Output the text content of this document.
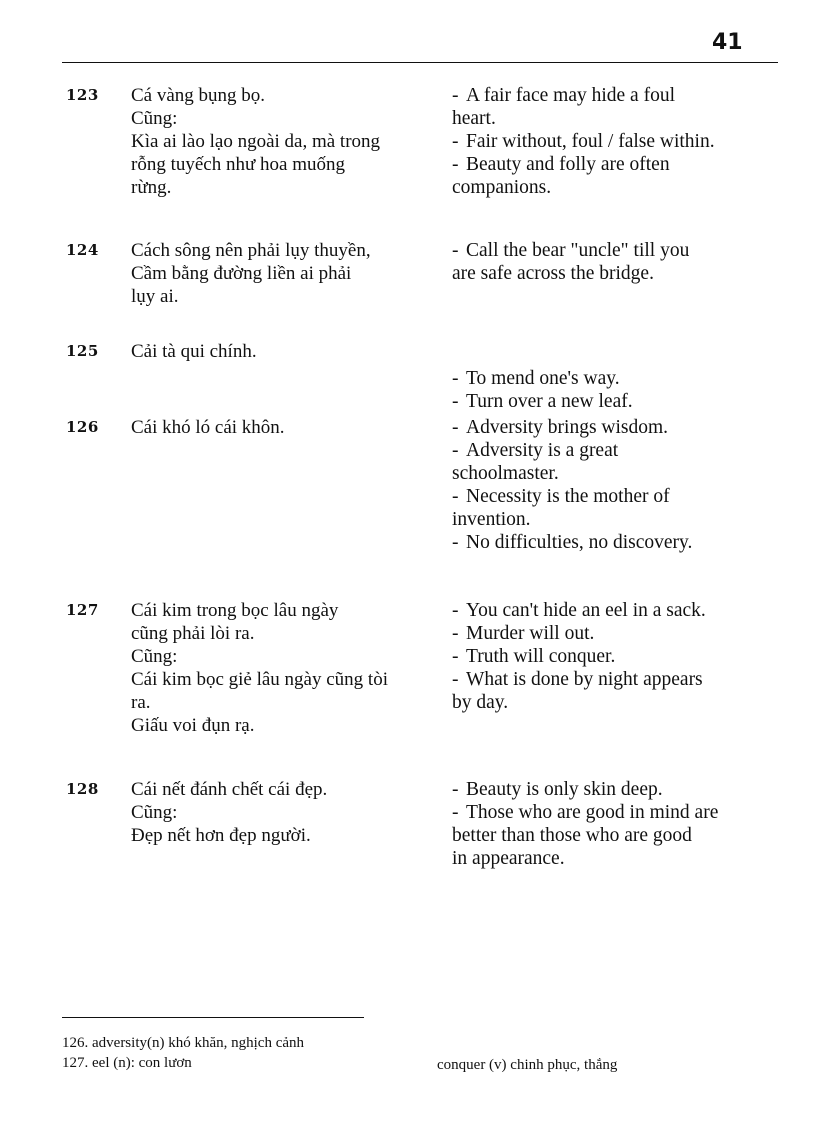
41
123 Cá vàng bụng bọ.
Cũng:
Kìa ai lào lạo ngoài da, mà trong
rỗng tuyếch như hoa muống
rừng.
- A fair face may hide a foul
heart.
- Fair without, foul / false within.
- Beauty and folly are often
companions.
124 Cách sông nên phải lụy thuyền,
Cầm bằng đường liền ai phải
lụy ai.
- Call the bear "uncle" till you
are safe across the bridge.
125 Cải tà qui chính.
- To mend one's way.
- Turn over a new leaf.
126 Cái khó ló cái khôn.	- Adversity brings wisdom.
- Adversity is a great
schoolmaster.
- Necessity is the mother of
invention.
- No difficulties, no discovery.
127 Cái kim trong bọc lâu ngày
cũng phải lòi ra.
Cũng:
Cái kim bọc giẻ lâu ngày cũng tòi
ra.
Giấu voi đụn rạ.
- You can't hide an eel in a sack.
- Murder will out.
- Truth will conquer.
- What is done by night appears
by day.
128 Cái nết đánh chết cái đẹp.
Cũng:
Đẹp nết hơn đẹp người.
- Beauty is only skin deep.
- Those who are good in mind are
better than those who are good
in appearance.
126. adversity(n) khó khăn, nghịch cảnh
127. eel (n): con lươn	conquer (v) chinh phục, thắng
